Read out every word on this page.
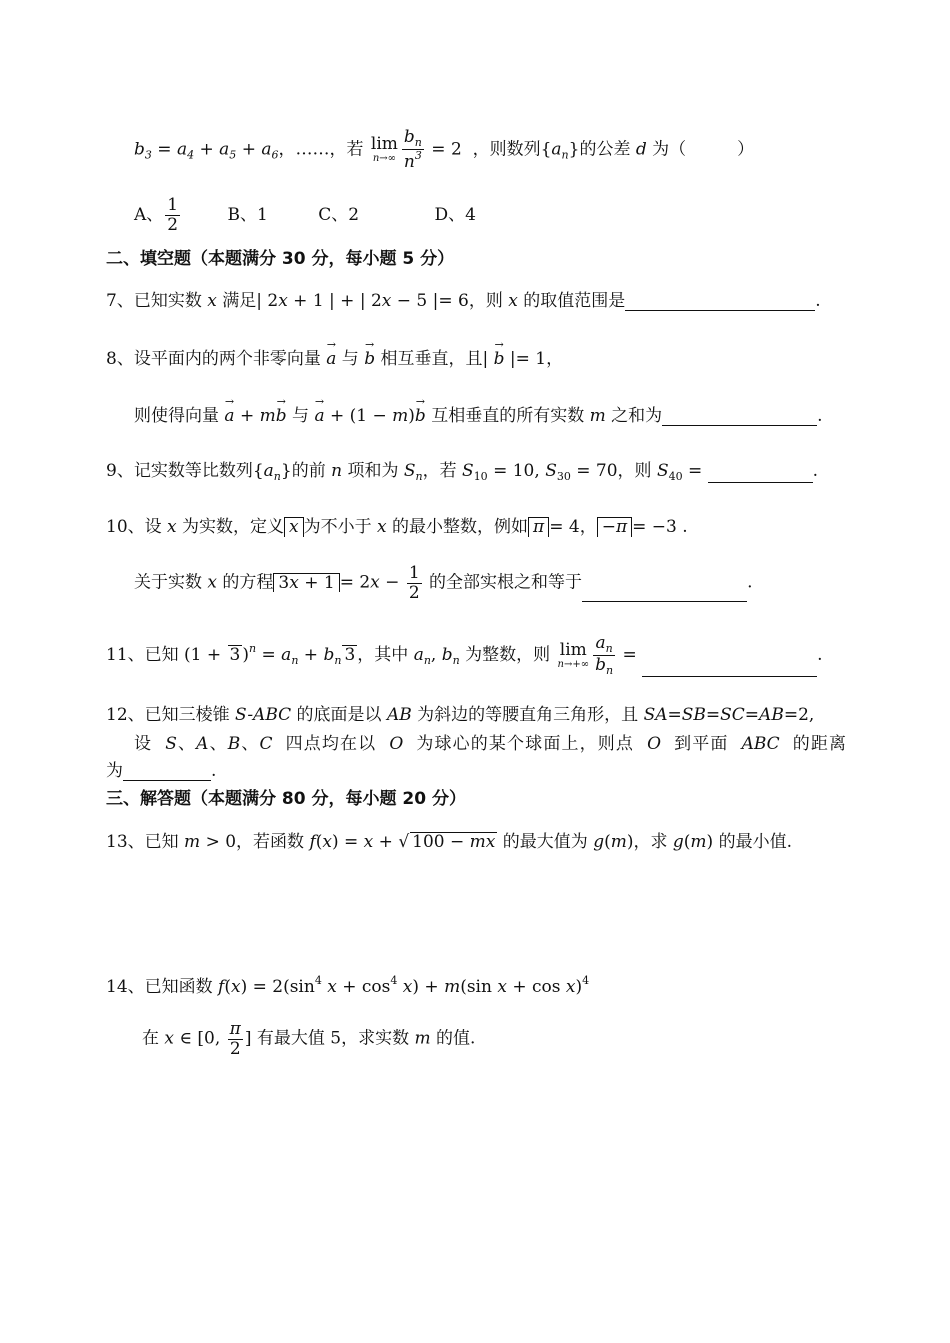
$b_3 = a_4 + a_5 + a_6$，……，若 lim
$n\to\infty \frac{b_n}{n^3} = 2$  ，则数列$\{a_n\}$的公差 d 为（　　　）
A、 $\frac{1}{2}$	B、1	C、2	D、4
二、填空题（本题满分 30 分，每小题 5 分）
7、已知实数 x 满足| 2x + 1 | + | 2x − 5 |= 6，则 x 的取值范围是	.
8、设平面内的两个非零向量 → a 与 → b 相互垂直，且| → b |= 1，
则使得向量 → a + m→ b 与 → a + (1 − m)→ b 互相垂直的所有实数 m 之和为	.
9、记实数等比数列$\{a_n\}$的前 n 项和为 $S_n$，若 $S_{10} = 10$, $S_{30} = 70$，则 $S_{40}$ =	.
10、设 x 为实数，定义 x 为不小于 x 的最小整数，例如 π = 4， −π = −3 .
关于实数 x 的方程 $3x + 1 = 2x - \frac{1}{2}$ 的全部实根之和等于	.
11、已知 (1 + 3 )$^n = a_n + b_n$ 3 ，其中 $a_n$, $b_n$ 为整数，则 lim
$n\to+\infty \frac{a_n}{b_n}$ =	.
12、已知三棱锥 S-ABC 的底面是以 AB 为斜边的等腰直角三角形，且 SA=SB=SC=AB=2,
设  S、A、B、C  四点均在以  O  为球心的某个球面上，则点  O  到平面  ABC  的距离
为	.
三、解答题（本题满分 80 分，每小题 20 分）
13、已知 m > 0，若函数 f(x) = x + √ 100 − mx 的最大值为 g(m)，求 g(m) 的最小值.
14、已知函数 $f(x) = 2(\sin^4$ $x + \cos^4 x) + m(\sin$ x + cos x)$^4$
在 x ∈ [0, $\frac{\pi}{2}$ ] 有最大值 5，求实数 m 的值.
